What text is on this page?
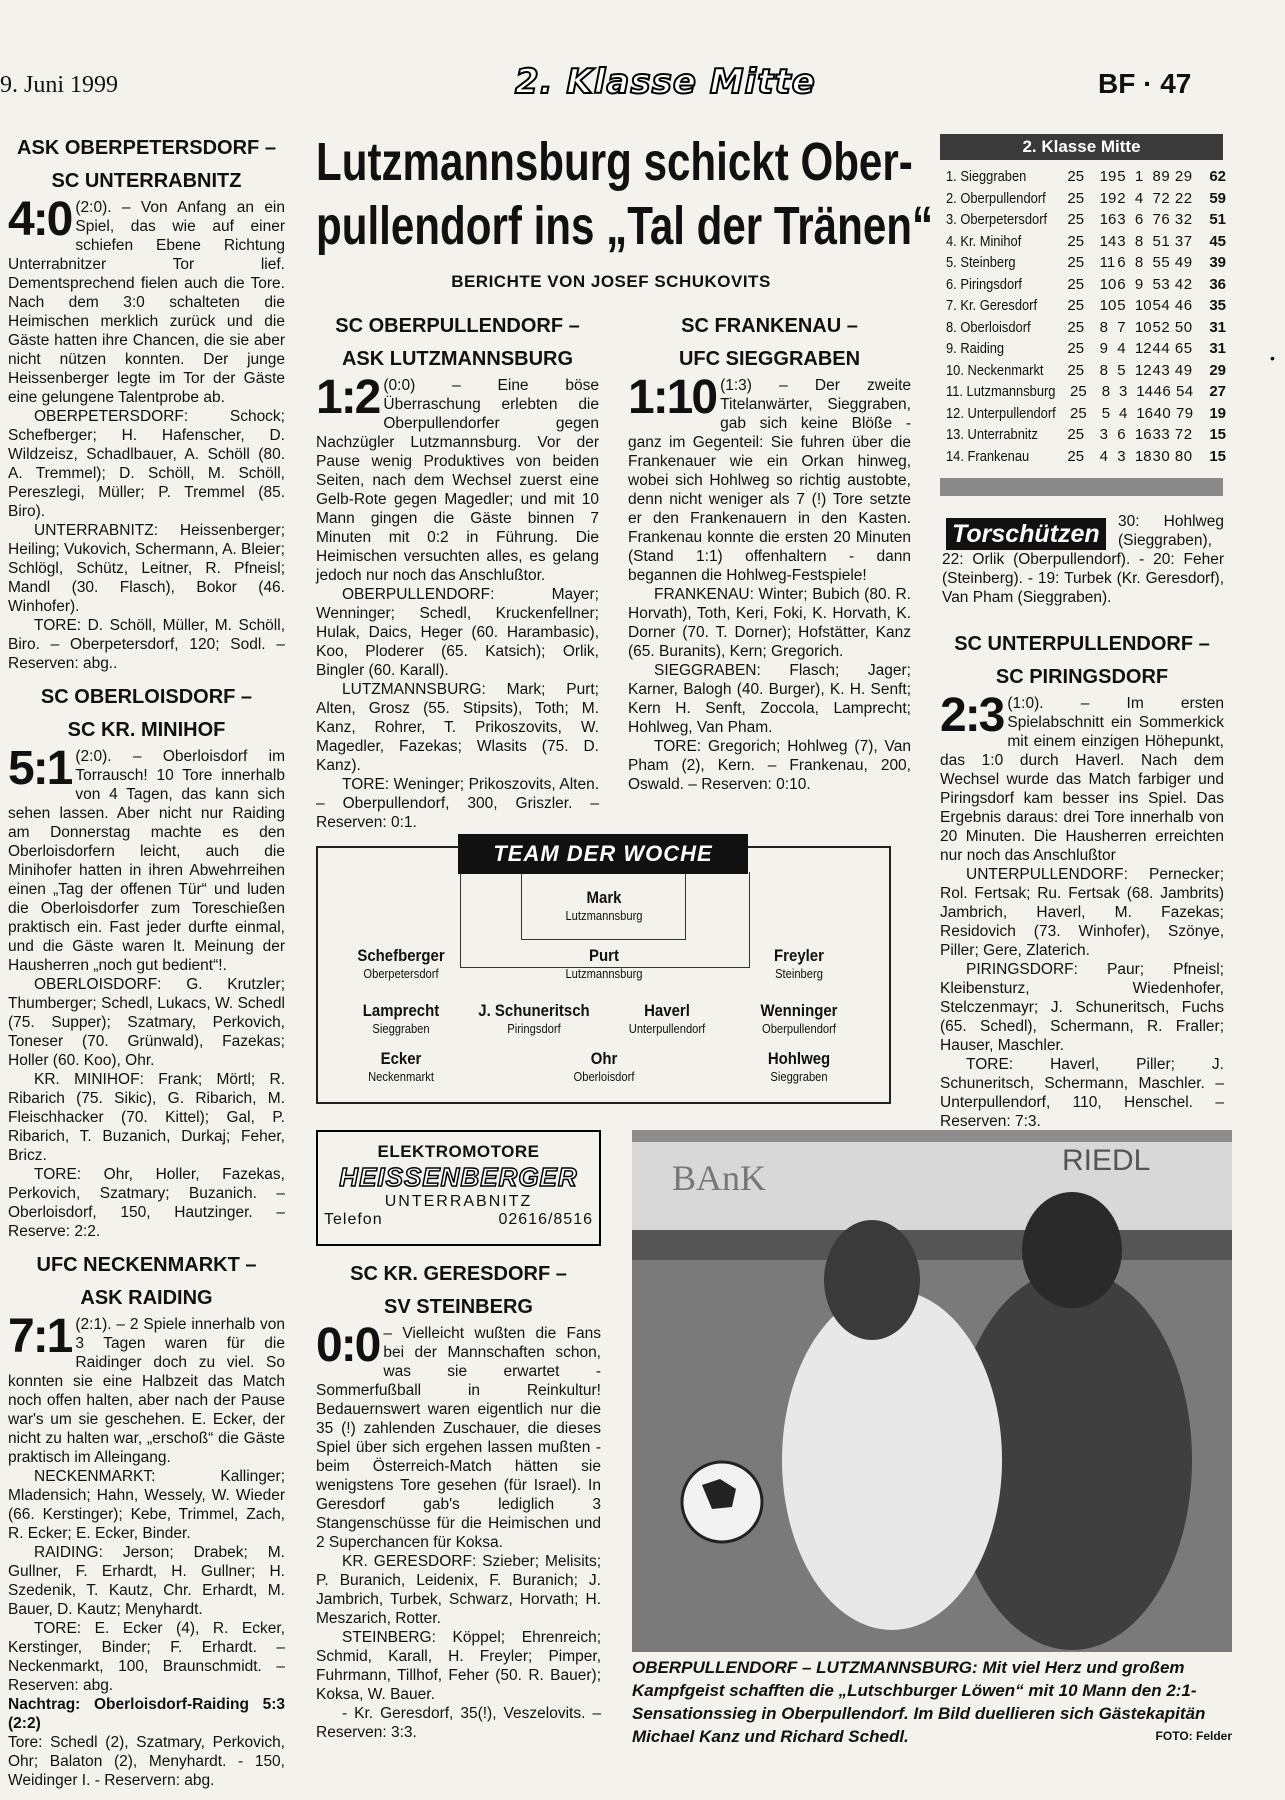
9. Juni 1999	2. Klasse Mitte	BF · 47
ASK OBERPETERSDORF –
SC UNTERRABNITZ

4:0 (2:0). – Von Anfang an ein Spiel, das wie auf einer schiefen Ebene Richtung Unterrabnitzer Tor lief. Dementsprechend fielen auch die Tore. Nach dem 3:0 schalteten die Heimischen merklich zurück und die Gäste hatten ihre Chancen, die sie aber nicht nützen konnten. Der junge Heissenberger legte im Tor der Gäste eine gelungene Talentprobe ab.

OBERPETERSDORF: Schock; Schefberger; H. Hafenscher, D. Wildzeisz, Schadlbauer, A. Schöll (80. A. Tremmel); D. Schöll, M. Schöll, Pereszlegi, Müller; P. Tremmel (85. Biro).

UNTERRABNITZ: Heissenberger; Heiling; Vukovich, Schermann, A. Bleier; Schlögl, Schütz, Leitner, R. Pfneisl; Mandl (30. Flasch), Bokor (46. Winhofer).

TORE: D. Schöll, Müller, M. Schöll, Biro. – Oberpetersdorf, 120; Sodl. – Reserven: abg..

SC OBERLOISDORF –
SC KR. MINIHOF

5:1 (2:0). – Oberloisdorf im Torrausch! 10 Tore innerhalb von 4 Tagen, das kann sich sehen lassen. Aber nicht nur Raiding am Donnerstag machte es den Oberloisdorfern leicht, auch die Minihofer hatten in ihren Abwehrreihen einen „Tag der offenen Tür“ und luden die Oberloisdorfer zum Toreschießen praktisch ein. Fast jeder durfte einmal, und die Gäste waren lt. Meinung der Hausherren „noch gut bedient“!.

OBERLOISDORF: G. Krutzler; Thumberger; Schedl, Lukacs, W. Schedl (75. Supper); Szatmary, Perkovich, Toneser (70. Grünwald), Fazekas; Holler (60. Koo), Ohr.

KR. MINIHOF: Frank; Mörtl; R. Ribarich (75. Sikic), G. Ribarich, M. Fleischhacker (70. Kittel); Gal, P. Ribarich, T. Buzanich, Durkaj; Feher, Bricz.

TORE: Ohr, Holler, Fazekas, Perkovich, Szatmary; Buzanich. – Oberloisdorf, 150, Hautzinger. – Reserve: 2:2.

UFC NECKENMARKT –
ASK RAIDING

7:1 (2:1). – 2 Spiele innerhalb von 3 Tagen waren für die Raidinger doch zu viel. So konnten sie eine Halbzeit das Match noch offen halten, aber nach der Pause war's um sie geschehen. E. Ecker, der nicht zu halten war, „erschoß“ die Gäste praktisch im Alleingang.

NECKENMARKT: Kallinger; Mladensich; Hahn, Wessely, W. Wieder (66. Kerstinger); Kebe, Trimmel, Zach, R. Ecker; E. Ecker, Binder.

RAIDING: Jerson; Drabek; M. Gullner, F. Erhardt, H. Gullner; H. Szedenik, T. Kautz, Chr. Erhardt, M. Bauer, D. Kautz; Menyhardt.

TORE: E. Ecker (4), R. Ecker, Kerstinger, Binder; F. Erhardt. – Neckenmarkt, 100, Braunschmidt. – Reserven: abg.

Nachtrag: Oberloisdorf-Raiding 5:3 (2:2)

Tore: Schedl (2), Szatmary, Perkovich, Ohr; Balaton (2), Menyhardt. - 150, Weidinger I. - Reservern: abg.

Lutzmannsburg schickt Ober-
pullendorf ins „Tal der Tränen“
BERICHTE VON JOSEF SCHUKOVITS
SC OBERPULLENDORF –
ASK LUTZMANNSBURG

1:2 (0:0) – Eine böse Überraschung erlebten die Oberpullendorfer gegen Nachzügler Lutzmannsburg. Vor der Pause wenig Produktives von beiden Seiten, nach dem Wechsel zuerst eine Gelb-Rote gegen Magedler; und mit 10 Mann gingen die Gäste binnen 7 Minuten mit 0:2 in Führung. Die Heimischen versuchten alles, es gelang jedoch nur noch das Anschlußtor.

OBERPULLENDORF: Mayer; Wenninger; Schedl, Kruckenfellner; Hulak, Daics, Heger (60. Harambasic), Koo, Ploderer (65. Katsich); Orlik, Bingler (60. Karall).

LUTZMANNSBURG: Mark; Purt; Alten, Grosz (55. Stipsits), Toth; M. Kanz, Rohrer, T. Prikoszovits, W. Magedler, Fazekas; Wlasits (75. D. Kanz).

TORE: Weninger; Prikoszovits, Alten. – Oberpullendorf, 300, Griszler. – Reserven: 0:1.

SC FRANKENAU –
UFC SIEGGRABEN

1:10 (1:3) – Der zweite Titelanwärter, Sieggraben, gab sich keine Blöße - ganz im Gegenteil: Sie fuhren über die Frankenauer wie ein Orkan hinweg, wobei sich Hohlweg so richtig austobte, denn nicht weniger als 7 (!) Tore setzte er den Frankenauern in den Kasten. Frankenau konnte die ersten 20 Minuten (Stand 1:1) offenhaltern - dann begannen die Hohlweg-Festspiele!

FRANKENAU: Winter; Bubich (80. R. Horvath), Toth, Keri, Foki, K. Horvath, K. Dorner (70. T. Dorner); Hofstätter, Kanz (65. Buranits), Kern; Gregorich.

SIEGGRABEN: Flasch; Jager; Karner, Balogh (40. Burger), K. H. Senft; Kern H. Senft, Zoccola, Lamprecht; Hohlweg, Van Pham.

TORE: Gregorich; Hohlweg (7), Van Pham (2), Kern. – Frankenau, 200, Oswald. – Reserven: 0:10.

2. Klasse Mitte
1. Sieggraben	25	19 5 1 89 29	62
2. Oberpullendorf	25	19 2 4 72 22	59
3. Oberpetersdorf 25	16 3 6 76 32	51
4. Kr. Minihof	25	14 3 8 51 37	45
5. Steinberg	25	11 6 8 55 49	39
6. Piringsdorf	25	10 6 9 53 42	36
7. Kr. Geresdorf	25	10 5 10 54 46	35
8. Oberloisdorf	25	8 7 10 52 50	31
9. Raiding	25	9 4 12 44 65	31
10. Neckenmarkt	25	8 5 12 43 49	29
11. Lutzmannsburg 25	8 3 14 46 54	27
12. Unterpullendorf 25	5 4 16 40 79	19
13. Unterrabnitz	25	3 6 16 33 72	15
14. Frankenau	25	4 3 18 30 80	15
Torschützen	30: Hohlweg (Sieggraben), 22: Orlik (Oberpullendorf). - 20: Feher (Steinberg). - 19: Turbek (Kr. Geresdorf), Van Pham (Sieggraben).
SC UNTERPULLENDORF –
SC PIRINGSDORF

2:3 (1:0). – Im ersten Spielabschnitt ein Sommerkick mit einem einzigen Höhepunkt, das 1:0 durch Haverl. Nach dem Wechsel wurde das Match farbiger und Piringsdorf kam besser ins Spiel. Das Ergebnis daraus: drei Tore innerhalb von 20 Minuten. Die Hausherren erreichten nur noch das Anschlußtor

UNTERPULLENDORF: Pernecker; Rol. Fertsak; Ru. Fertsak (68. Jambrits) Jambrich, Haverl, M. Fazekas; Residovich (73. Winhofer), Szönye, Piller; Gere, Zlaterich.

PIRINGSDORF: Paur; Pfneisl; Kleibensturz, Wiedenhofer, Stelczenmayr; J. Schuneritsch, Fuchs (65. Schedl), Schermann, R. Fraller; Hauser, Maschler.

TORE: Haverl, Piller; J. Schuneritsch, Schermann, Maschler. – Unterpullendorf, 110, Henschel. – Reserven: 7:3.

TEAM DER WOCHE
Mark
Lutzmannsburg
Schefberger
Oberpetersdorf
Purt
Lutzmannsburg
Freyler
Steinberg
Lamprecht
Sieggraben
J. Schuneritsch
Piringsdorf
Haverl
Unterpullendorf
Wenninger
Oberpullendorf
Ecker
Neckenmarkt
Ohr
Oberloisdorf
Hohlweg
Sieggraben
ELEKTROMOTORE
HEISSENBERGER
UNTERRABNITZ
Telefon	02616/8516
SC KR. GERESDORF –
SV STEINBERG

0:0 – Vielleicht wußten die Fans bei der Mannschaften schon, was sie erwartet - Sommerfußball in Reinkultur! Bedauernswert waren eigentlich nur die 35 (!) zahlenden Zuschauer, die dieses Spiel über sich ergehen lassen mußten - beim Österreich-Match hätten sie wenigstens Tore gesehen (für Israel). In Geresdorf gab's lediglich 3 Stangenschüsse für die Heimischen und 2 Superchancen für Koksa.

KR. GERESDORF: Szieber; Melisits; P. Buranich, Leidenix, F. Buranich; J. Jambrich, Turbek, Schwarz, Horvath; H. Meszarich, Rotter.

STEINBERG: Köppel; Ehrenreich; Schmid, Karall, H. Freyler; Pimper, Fuhrmann, Tillhof, Feher (50. R. Bauer); Koksa, W. Bauer.

- Kr. Geresdorf, 35(!), Veszelovits. – Reserven: 3:3.

BAnK	RIEDL
OBERPULLENDORF – LUTZMANNSBURG: Mit viel Herz und großem Kampfgeist schafften die „Lutschburger Löwen“ mit 10 Mann den 2:1-Sensationssieg in Oberpullendorf. Im Bild duellieren sich Gästekapitän Michael Kanz und Richard Schedl.	FOTO: Felder
•
